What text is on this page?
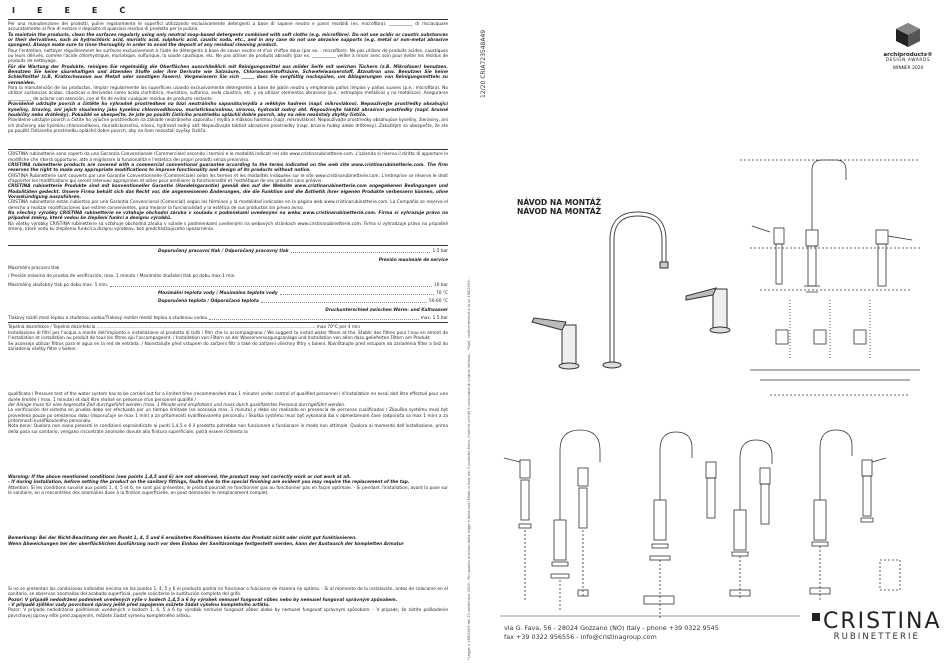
I	E	E	E	Č

Per una manutenzione dei prodotti, pulire regolarmente le superfici utilizzando esclusivamente detergenti a base di sapone neutro e panni morbidi (es. microfibra). ___________ di risciacquare accuratamente al fine di evitare il deposito di qualsiasi residuo di prodotto per la pulizia.

To maintain the products, clean the surfaces regularly using only neutral soap-based detergents combined with soft cloths (e.g. microfibre). Do not use acidic or caustic substances or their derivatives, such as hydrochloric acid, muriatic acid, sulphuric acid, caustic soda, etc., and in any case do not use abrasive supports (e.g. metal or non-metal abrasive sponges). Always make sure to rinse thoroughly in order to avoid the deposit of any residual cleaning product.

Pour l'entretien, nettoyer régulièrement les surfaces exclusivement à l'aide de détergents à base de savon neutre et d'un chiffon doux (par ex. : microfibre). Ne pas utiliser de produits acides, caustiques ou leurs dérivés, comme l'acide chlorhydrique, muriatique, sulfurique, la soude caustique, etc. Ne pas utiliser de produits abrasifs (par ex. ___________ veiller à rincer avec soin pour éviter les résidus de produits de nettoyage.

Für die Wartung der Produkte, reinigen Sie regelmäßig die Oberflächen ausschließlich mit Reinigungsmittel aus milder Seife mit weichen Tüchern (z.B. Mikrofaser) benutzen. Benutzen Sie keine säurehaltigen und ätzenden Stoffe oder ihre Derivate wie Salzsäure, Chlorwasserstoffsäure, Schwefelwasserstoff, Ätznatron usw. Benutzen Sie keine Schleifmittel (z.B. Kratzschwamm aus Metall oder sonstigen Fasern). Vergewissern Sie sich ______ dass Sie sorgfältig nachspülen, um Ablagerungen von Reinigungsmitteln zu vermeiden.

Para la manutención de los productos, limpiar regularmente las superficies usando exclusivamente detergentes a base de jabón neutro y empleando paños limpios y paños suaves (p.e.: microfibra). No utilizar sustancias ácidas, cáusticas o derivados como ácido clorhídrico, muriático, sulfúrico, soda cáustica, etc. y no utilizar elementos abrasivos (p.e.: estropajos metálicos y no metálicos). Asegurarse ___________ de aclarar con atención, con el fin de evitar cualquier residuo de producto restante.

Pravidelně udržujte povrch a čistěte ho výhradně prostředkem na bázi neutrálního saponátu/mýdla a měkkým hadrem (např. mikrovlákno). Nepoužívejte prostředky obsahující kyseliny, žíraviny, ani jejich sloučeniny jako kyselinu chlorovodíkovou, muriatickou/solnou, sírovou, hydroxid sodný atd. Nepoužívejte taktéž abrazivní prostředky (např. brusné houbičky nebo drátěnky). Pokaždé se ubezpečte, že jste po použití čisticího prostředku opláchli dobře povrch, aby na něm nezůstaly zbytky čističe.

Pravidelne udržujte povrch a čistite ho výlučne prostriedkom na základe neutrálneho saponátu / mydla a mäkkou handrou (napr. mikrovlákno). Nepoužívajte prostriedky obsahujúce kyseliny, žieraviny, ani ich zlúčeniny ako kyselinu chlorovodíkovú, muriatickú/soľnú, sírovú, hydroxid sodný atď. Nepoužívajte taktiež abrazívne prostriedky (napr. brúsne hubky alebo drôtenky). Zakaždým sa ubezpečte, že ste po použití čistiaceho prostriedku opláchli dobre povrch, aby na ňom nezostali zvyšky čističa.

CRISTINA rubinetterie sono coperti da una Garanzia Convenzionale (Commerciale) secondo i termini e le modalità indicati nel sito www.cristinarubinetterie.com. L'azienda si riserva il diritto di apportare le modifiche che riterrà opportune, atte a migliorare la funzionalità e l'estetica dei propri prodotti senza preavviso.

CRISTINA rubinetterie products are covered with a commercial conventional guarantee according to the terms indicated on the web site www.cristinarubinetterie.com. The firm reserves the right to make any appropriate modifications to improve functionality and design of its products without notice.

CRISTINA Rubinetterie sont couverts par une Garantie Conventionnelle (Commerciale) selon les termes et les modalités indiquées sur le site www.cristinarubinetterie.com. L'entreprise se réserve le droit d'apporter les modifications qui seront retenues appropriées et utiles pour améliorer la fonctionnalité et l'esthétique de ses produits sans préavis.

CRISTINA rubinetterie Produkte sind mit konventioneller Garantie (Handelsgarantie) gemäß den auf der Website www.cristinarubinetterie.com angegebenen Bedingungen und Modalitäten gedeckt. Unsere Firma behält sich das Recht vor, die angemessenen Änderungen, die die Funktion und die Ästhetik ihrer eigenen Produkte verbessern können, ohne Vorankündigung auszuführen.

CRISTINA rubinetterie están cubiertos por una Garantía Convencional (Comercial) según los términos y la modalidad indicados en la página web www.cristinarubinetterie.com. La Compañía se reserva el derecho a realizar modificaciones que estime convenientes, para mejorar la funcionalidad y la estética de sus productos sin previo aviso.

Na všechny výrobky CRISTINA rubinetterie se vztahuje obchodní záruka v souladu s podmínkami uvedenými na webu www.cristinarubinetterie.com. Firma si vyhrazuje právo na případné změny, které vedou ke zlepšení funkcí a designu výrobků.

Na všetky výrobky CRISTINA rubinetterie sa vzťahuje obchodná záruka v súlade s podmienkami uvedenými na webových stránkach www.cristinarubinetterie.com. Firma si vyhradzuje právo na prípadné zmeny, ktoré vedú ku zlepšeniu funkcií a dizajnu výrobkov, bez predchádzajúceho upozornenia.

Doporučený pracovní tlak / Odporúčaný pracovný tlak	1-5 bar
Presión maximale de service
Maximální pracovní tlak
/ Presión máxima de prueba de verificación, max. 1 minuto / Maximální zkušební tlak po dobu max 1 min.
Maximálny skúšobný tlak po dobu max. 1 min.	16 bar
Maximální teplota vody / Maximálna teplota vody	70 °C
Doporučená teplota / Odporúčaná teplota	50-60 °C
Druckunterschied zwischen Warm- und Kaltwasser
Tlakový rozdíl mezi teplou a studenou vodou/Tlakový rozdiel medzi teplou a studenou vodou	max. 1.5 bar

Tepelná dezinfekce / Tepelná dezinfekcia ................................................................................................................................................................ max 70°C per 4 min

Installazione di filtri per l'acqua a monte dell'impianto e installazione al prodotto di tutti i filtri che lo accompagnano / We suggest to install water filters at the. Etablir des filtres pour l'eau en amont de l'installation et installation au produit de tous les filtres qui l'accompagnent. / Installation von Filtern an der Wasserversorgungsanlage und Installation von allen dazu gelieferten Filtern am Produkt.

Se aconseja utilizar filtros para el agua en la red de entrada. / Nainstalujte před vstupem do zařízení filtr a také do zařízení všechny filtry v balení. Nainštalujte pred vstupom do zariadenia filter a tiež do zariadenia všetky filtre v balení.

qualificato / Pressure test of the water system has to be carried out for a limited time (recommended max 1 minute) under control of qualified personnel / d'installation en essai doit être effectué pour une durée limitée ( max. 1 minute) et doit être réalisé en présence d'un personnel qualifié /

der Anlage muss für eine begrenzte Zeit durchgeführt werden (max. 1 Minute wird empfohlen) und muss durch qualifiziertes Personal durchgeführt werden.

La verificación del sistema en prueba debe ser efectuado por un tiempo limitado (se aconseja max. 1 minuto) y debe ser realizado en presencia de personas cualificadas / Zkouška systému musí být provedená pouze po omezenou dobu (doporučuje se max 1 min) a za přítomnosti kvalifikovaného personálu / Skúška systému musí byť vykonaná iba v obmedzenom čase (odporúča sa max 1 min) a za prítomnosti kvalifikovaného personálu.

Nota bene: Qualora non siano presenti le condizioni sopraindicate ai punti 1,4,5 e 6 il prodotto potrebbe non funzionare o funzionare in modo non ottimale. Qualora al momento dell'installazione, prima della posa sul sanitario, vengano riscontrate anomalie dovute alla finitura superficiale, potrà essere richiesta la

Warning: If the above mentioned conditions (see points 1,4,5 and 6) are not observed, the product may not correctly work or not work at all.

- If during installation, before setting the product on the sanitary fittings, faults due to the special finishing are evident you may require the replacement of the tap.

Attention: Si les conditions susvisé aux points 1, 4, 5 et 6, ne sont pas présentes, le produit pourrait ne fonctionner pas ou fonctionner pas en façon optimale. - Si pendant l'installation, avant la pose sur le sanitaire, on a rencontrées des anomalies dues à la finition superficielle, on peut demander le remplacement complet.

Bemerkung: Bei der Nicht-Beachtung der am Punkt 1, 4, 5 und 6 erwähnten Konditionen könnte das Produkt nicht oder nicht gut funktionieren.

Wenn Abweichungen bei der oberflächlichen Ausführung noch vor dem Einbau der Sanitäranlage festgestellt werden, kann der Austausch der kompletten Armatur

Si no se presentan las condiciones indicadas encima en los puntos 1, 4, 5 y 6 el producto podría no funcionar o funcionar de manera no optima. - Si al momento de la instalación, antes de colocarse en el sanitario, se observan anomalías del acabado superficial, puede solicitarse la sustitución completa del grifo.

Pozor: V případě nedodržení podmínek uvedených výše v bodech 1,4,5 a 6 by výrobek nemusel fungovat vůbec nebo by nemusel fungovat správným způsobem.

- V případě zjištění vady povrchové úpravy ještě před zapojením můžete žádat výměnu kompletního artiklu.

Pozor: V prípade nedodržania podmienok uvedených v bodoch 1, 4, 5 a 6 by výrobok nemusel fungovať vôbec alebo by nemusel fungovať správnym spôsobom. - V prípade, že zistíte poškodenie povrchovej úpravy ešte pred zapojením, môžete žiadať výmenu kompletného artiklu.

12/20 CRIA723548A49
*Legge n.166/2009 del 20 settembre 2009 - Per quanto previsto dalla legge e dalla sua (Made in Italy per il prodotto finito, materie prime) è comunque di origine italiana... *Sauf, conformément à la loi 166/2009...
archiproducts®
DESIGN AWARDS
WINNER 2020
NÁVOD NA MONTÁŽ
NÁVOD NA MONTÁŽ
via G. Fava, 56 - 28024 Gozzano (NO) Italy - phone +39 0322 9545
fax +39 0322 956556 - info@cristinagroup.com
CRISTINA
RUBINETTERIE
